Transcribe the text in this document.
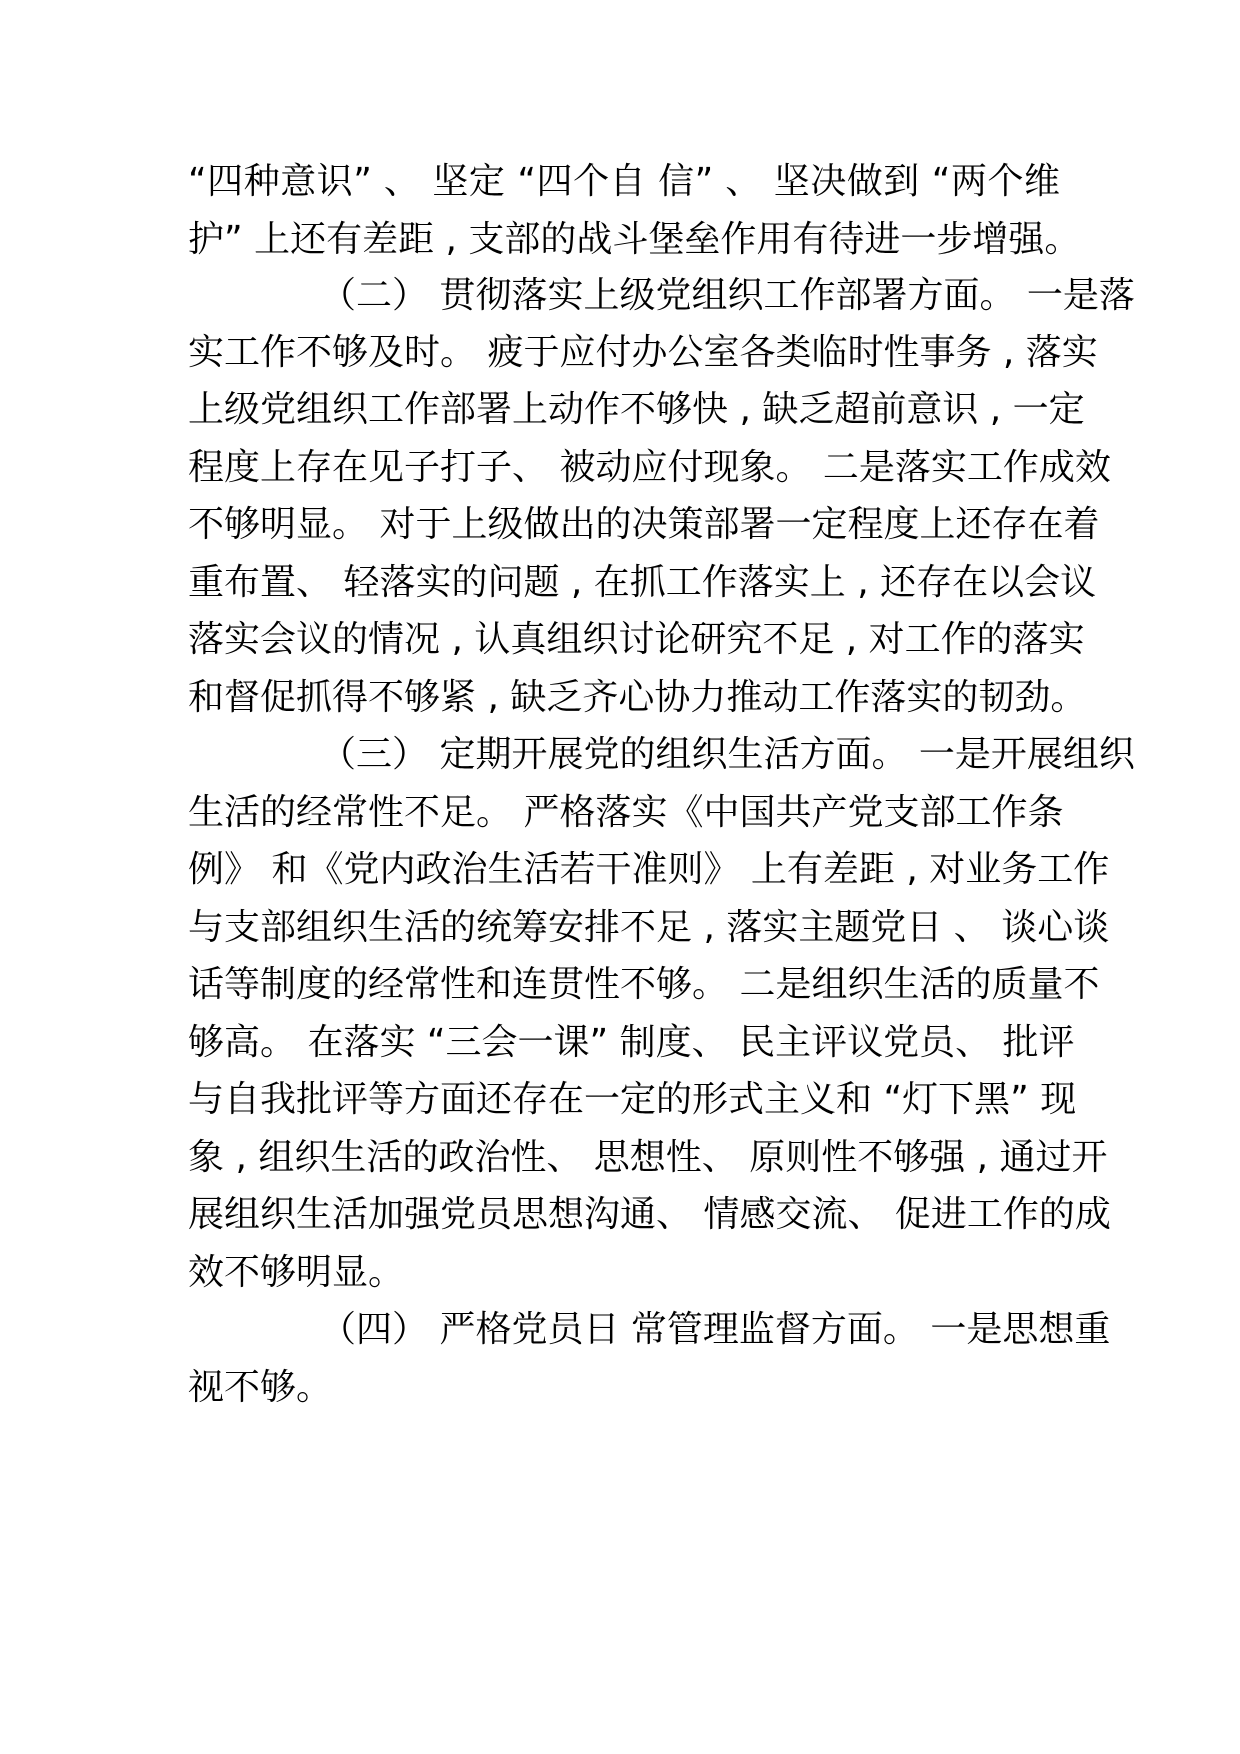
“四种意识” 、 坚定 “四个自 信” 、 坚决做到 “两个维
护” 上还有差距 , 支部的战斗堡垒作用有待进一步增强。
（二） 贯彻落实上级党组织工作部署方面。 一是落
实工作不够及时。 疲于应付办公室各类临时性事务 , 落实
上级党组织工作部署上动作不够快 , 缺乏超前意识 , 一定
程度上存在见子打子、 被动应付现象。 二是落实工作成效
不够明显。 对于上级做出的决策部署一定程度上还存在着
重布置、 轻落实的问题 , 在抓工作落实上 , 还存在以会议
落实会议的情况 , 认真组织讨论研究不足 , 对工作的落实
和督促抓得不够紧 , 缺乏齐心协力推动工作落实的韧劲。
（三） 定期开展党的组织生活方面。 一是开展组织
生活的经常性不足。 严格落实《中国共产党支部工作条
例》 和《党内政治生活若干准则》 上有差距 , 对业务工作
与支部组织生活的统筹安排不足 , 落实主题党日 、 谈心谈
话等制度的经常性和连贯性不够。 二是组织生活的质量不
够高。 在落实 “三会一课” 制度、 民主评议党员、 批评
与自我批评等方面还存在一定的形式主义和 “灯下黑” 现
象 , 组织生活的政治性、 思想性、 原则性不够强 , 通过开
展组织生活加强党员思想沟通、 情感交流、 促进工作的成
效不够明显。
（四） 严格党员日 常管理监督方面。 一是思想重
视不够。
